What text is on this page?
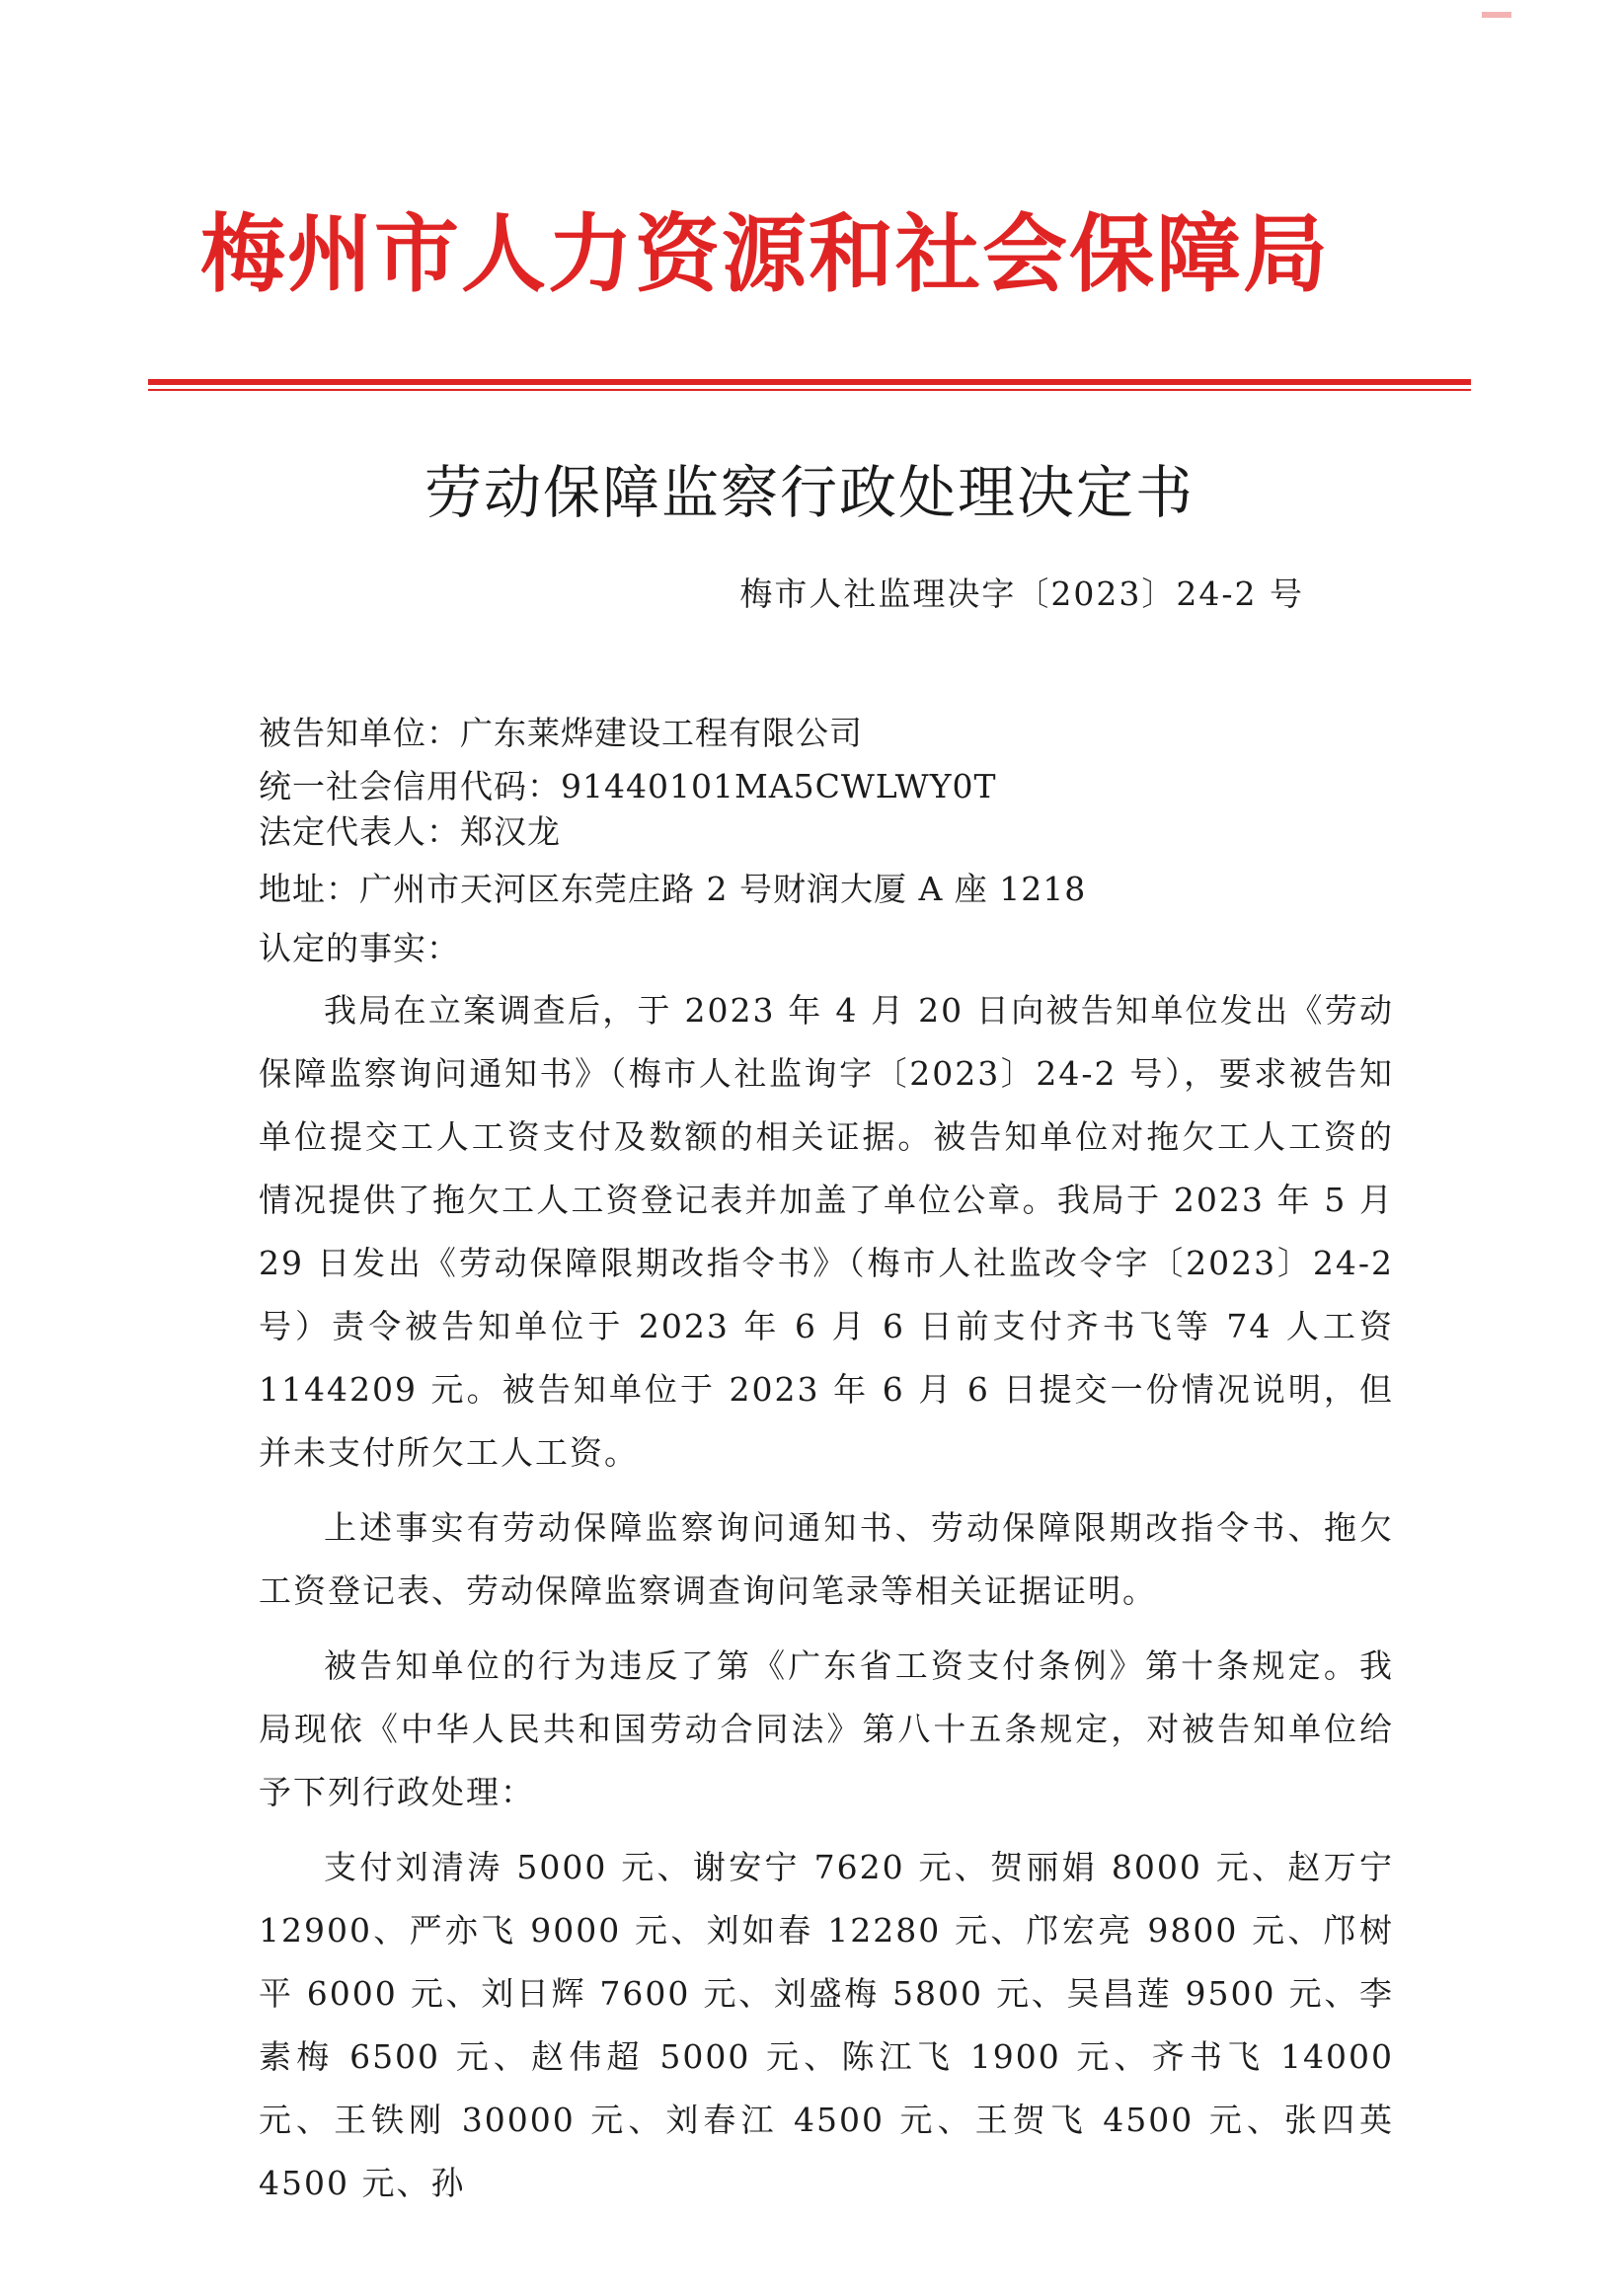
梅州市人力资源和社会保障局
劳动保障监察行政处理决定书
梅市人社监理决字〔2023〕24-2 号
被告知单位：广东莱烨建设工程有限公司
统一社会信用代码：91440101MA5CWLWY0T
法定代表人：郑汉龙
地址：广州市天河区东莞庄路 2 号财润大厦 A 座 1218
认定的事实：

我局在立案调查后，于 2023 年 4 月 20 日向被告知单位发出《劳动保障监察询问通知书》（梅市人社监询字〔2023〕24-2 号），要求被告知单位提交工人工资支付及数额的相关证据。被告知单位对拖欠工人工资的情况提供了拖欠工人工资登记表并加盖了单位公章。我局于 2023 年 5 月 29 日发出《劳动保障限期改指令书》（梅市人社监改令字〔2023〕24-2 号）责令被告知单位于 2023 年 6 月 6 日前支付齐书飞等 74 人工资 1144209 元。被告知单位于 2023 年 6 月 6 日提交一份情况说明，但并未支付所欠工人工资。

上述事实有劳动保障监察询问通知书、劳动保障限期改指令书、拖欠工资登记表、劳动保障监察调查询问笔录等相关证据证明。

被告知单位的行为违反了第《广东省工资支付条例》第十条规定。我局现依《中华人民共和国劳动合同法》第八十五条规定，对被告知单位给予下列行政处理：

支付刘清涛 5000 元、谢安宁 7620 元、贺丽娟 8000 元、赵万宁 12900、严亦飞 9000 元、刘如春 12280 元、邝宏亮 9800 元、邝树平 6000 元、刘日辉 7600 元、刘盛梅 5800 元、吴昌莲 9500 元、李素梅 6500 元、赵伟超 5000 元、陈江飞 1900 元、齐书飞 14000 元、王铁刚 30000 元、刘春江 4500 元、王贺飞 4500 元、张四英 4500 元、孙
